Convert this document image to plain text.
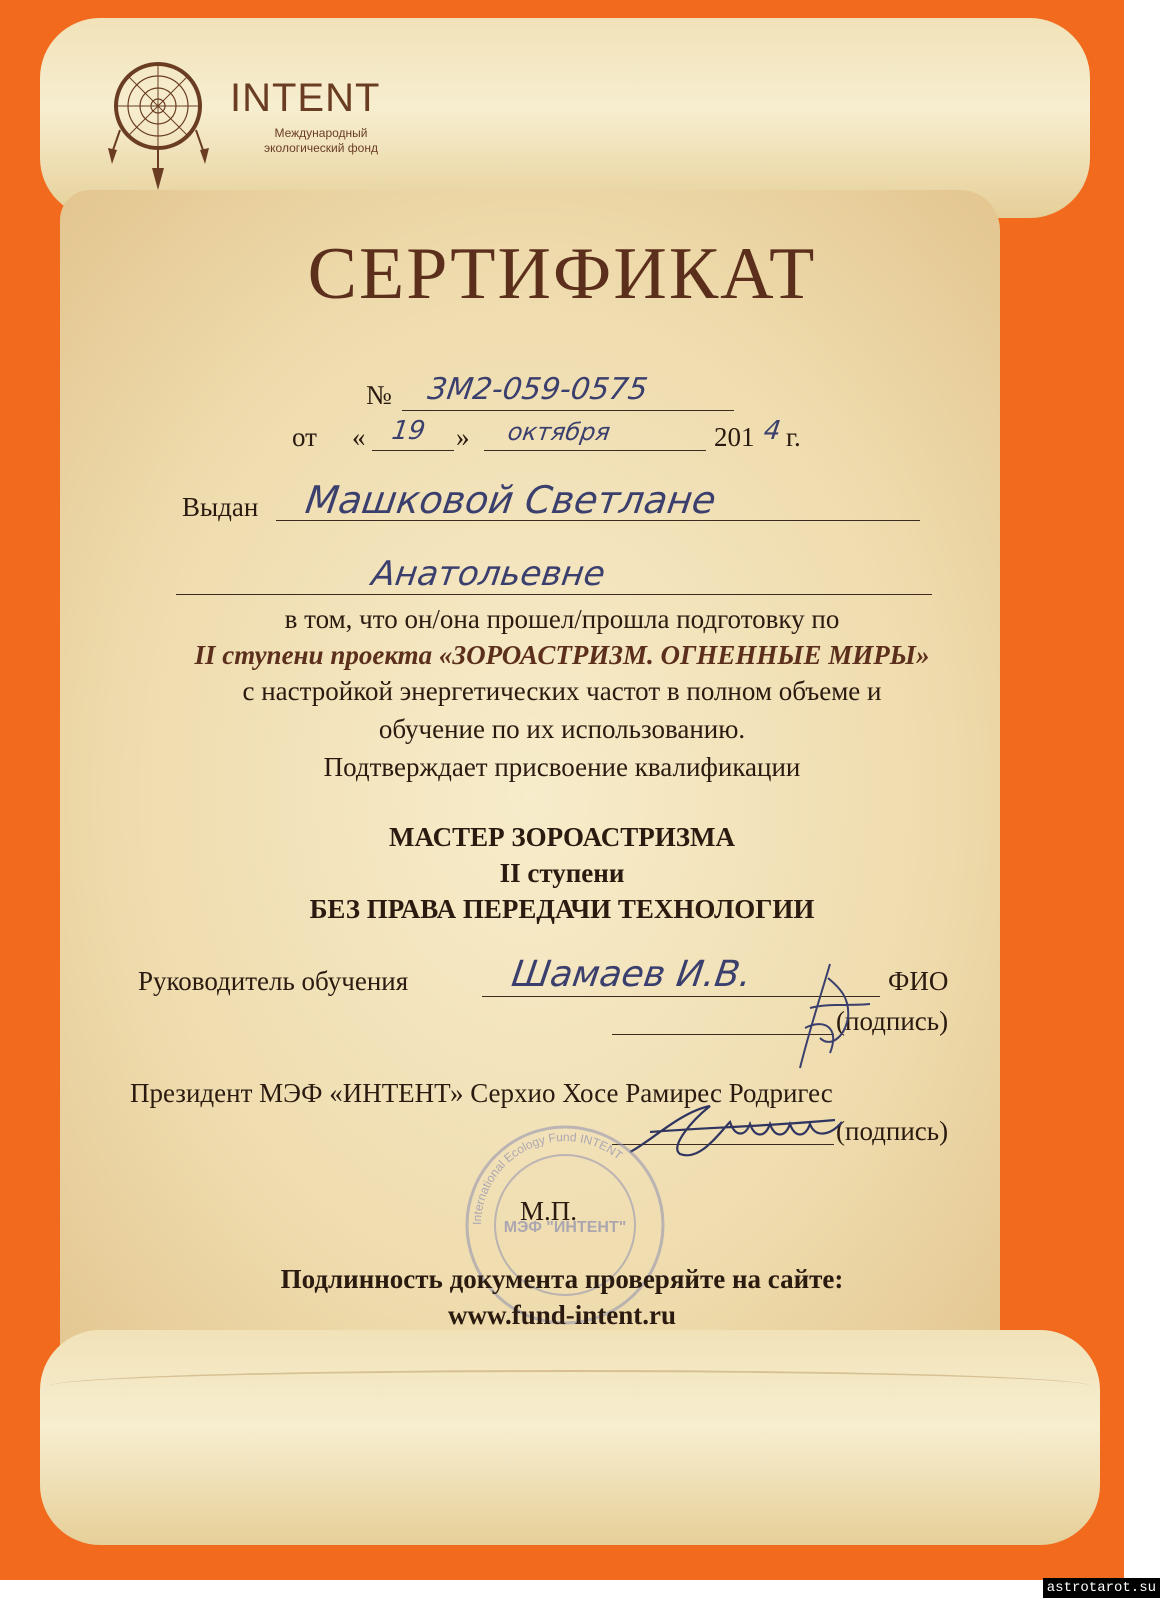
INTENT
Международный экологический фонд
СЕРТИФИКАТ
№ 3М2-059-0575
от « 19 » октября	201 4 г.
Выдан Машковой Светлане
Анатольевне
в том, что он/она прошел/прошла подготовку по
II ступени проекта «ЗОРОАСТРИЗМ. ОГНЕННЫЕ МИРЫ»
с настройкой энергетических частот в полном объеме и
обучение по их использованию.
Подтверждает присвоение квалификации
МАСТЕР ЗОРОАСТРИЗМА
II ступени
БЕЗ ПРАВА ПЕРЕДАЧИ ТЕХНОЛОГИИ
Руководитель обучения	Шамаев И.В.	ФИО
(подпись)
Президент МЭФ «ИНТЕНТ» Серхио Хосе Рамирес Родригес
(подпись)
International Ecology Fund INTENT
МЭФ "ИНТЕНТ"
М.П.
Подлинность документа проверяйте на сайте:
www.fund-intent.ru
astrotarot.su
